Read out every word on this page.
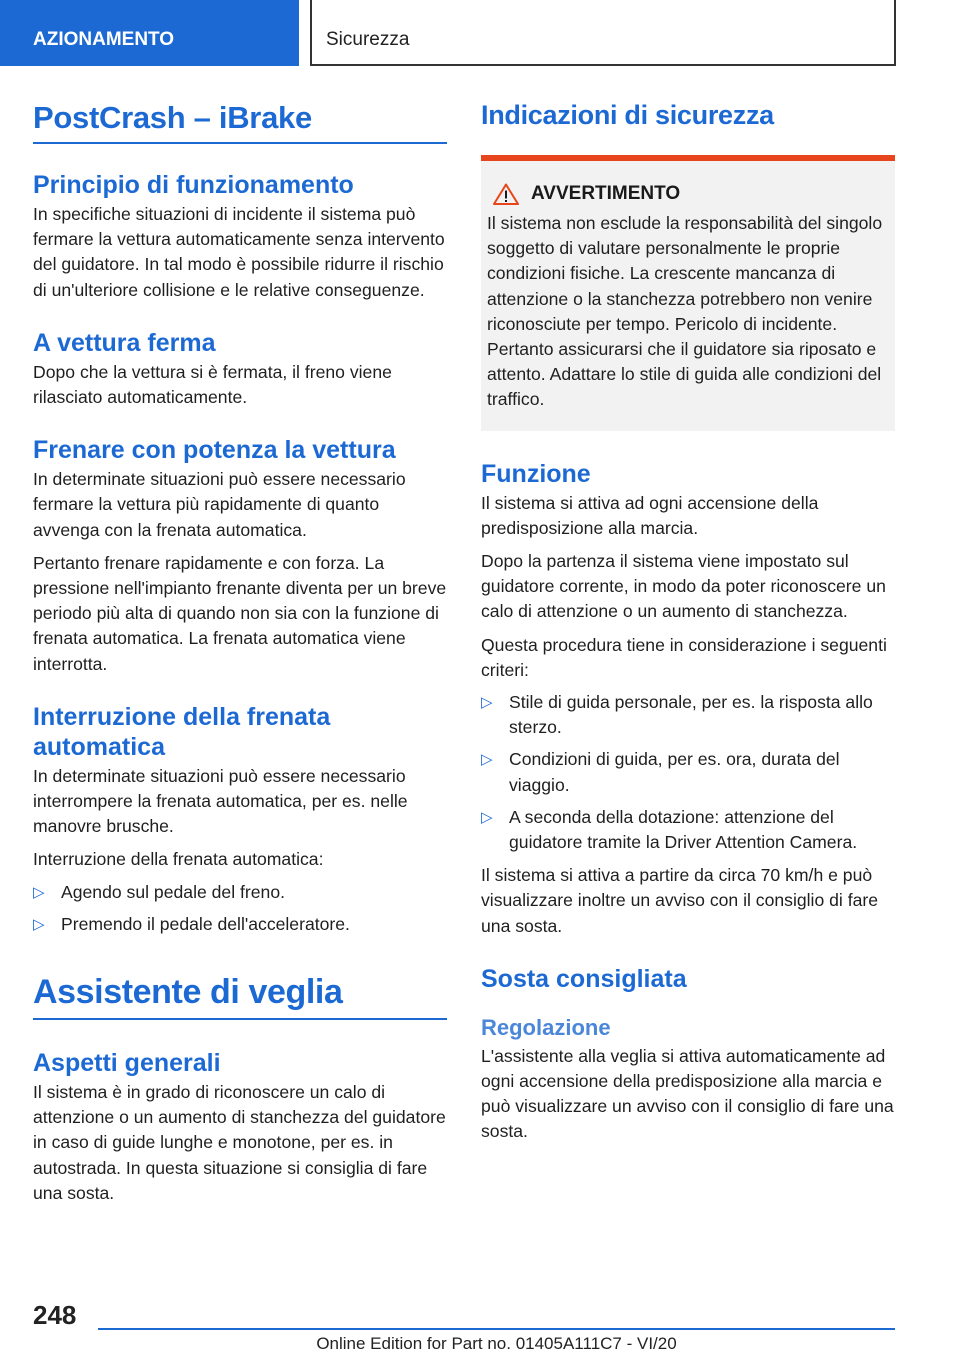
AZIONAMENTO	Sicurezza
PostCrash – iBrake
Principio di funzionamento

In specifiche situazioni di incidente il sistema può fermare la vettura automaticamente senza intervento del guidatore. In tal modo è possibile ridurre il rischio di un'ulteriore collisione e le relative conseguenze.

A vettura ferma

Dopo che la vettura si è fermata, il freno viene rilasciato automaticamente.

Frenare con potenza la vettura

In determinate situazioni può essere necessario fermare la vettura più rapidamente di quanto avvenga con la frenata automatica.

Pertanto frenare rapidamente e con forza. La pressione nell'impianto frenante diventa per un breve periodo più alta di quando non sia con la funzione di frenata automatica. La frenata automatica viene interrotta.

Interruzione della frenata automatica

In determinate situazioni può essere necessario interrompere la frenata automatica, per es. nelle manovre brusche.

Interruzione della frenata automatica:

▷ Agendo sul pedale del freno.
▷ Premendo il pedale dell'acceleratore.
Assistente di veglia
Aspetti generali

Il sistema è in grado di riconoscere un calo di attenzione o un aumento di stanchezza del guidatore in caso di guide lunghe e monotone, per es. in autostrada. In questa situazione si consiglia di fare una sosta.

Indicazioni di sicurezza
AVVERTIMENTO

Il sistema non esclude la responsabilità del singolo soggetto di valutare personalmente le proprie condizioni fisiche. La crescente mancanza di attenzione o la stanchezza potrebbero non venire riconosciute per tempo. Pericolo di incidente. Pertanto assicurarsi che il guidatore sia riposato e attento. Adattare lo stile di guida alle condizioni del traffico.

Funzione

Il sistema si attiva ad ogni accensione della predisposizione alla marcia.

Dopo la partenza il sistema viene impostato sul guidatore corrente, in modo da poter riconoscere un calo di attenzione o un aumento di stanchezza.

Questa procedura tiene in considerazione i seguenti criteri:

▷ Stile di guida personale, per es. la risposta allo sterzo.
▷ Condizioni di guida, per es. ora, durata del viaggio.
▷ A seconda della dotazione: attenzione del guidatore tramite la Driver Attention Camera.

Il sistema si attiva a partire da circa 70 km/h e può visualizzare inoltre un avviso con il consiglio di fare una sosta.

Sosta consigliata
Regolazione

L'assistente alla veglia si attiva automaticamente ad ogni accensione della predisposizione alla marcia e può visualizzare un avviso con il consiglio di fare una sosta.

248
Online Edition for Part no. 01405A111C7 - VI/20
